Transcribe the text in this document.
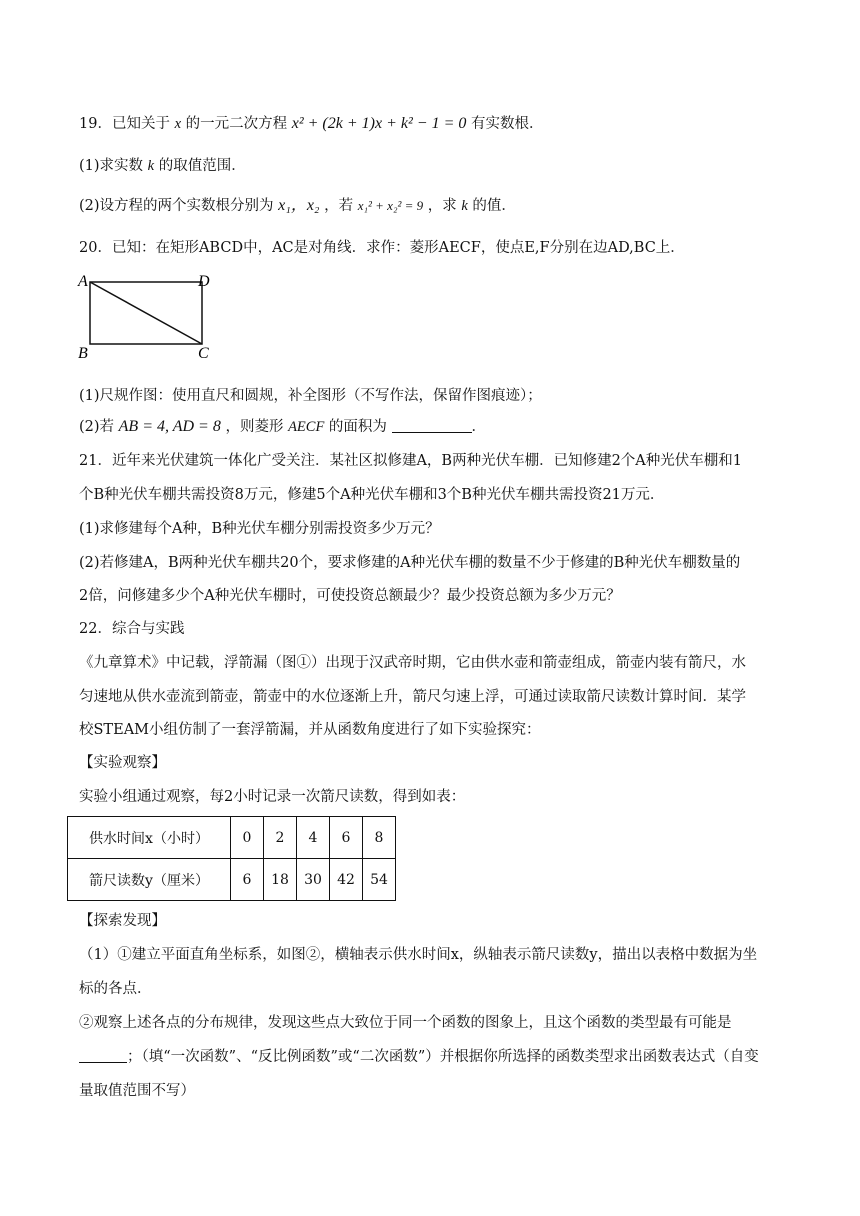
19．已知关于 x 的一元二次方程 x² + (2k + 1)x + k² − 1 = 0 有实数根．
(1)求实数 k 的取值范围．
(2)设方程的两个实数根分别为 x₁，x₂ ，若 x₁² + x₂² = 9 ，求 k 的值．
20．已知：在矩形ABCD中，AC是对角线．求作：菱形AECF，使点E,F分别在边AD,BC上．
A	D
B	C
(1)尺规作图：使用直尺和圆规，补全图形（不写作法，保留作图痕迹）；
(2)若 AB = 4, AD = 8 ，则菱形 AECF 的面积为	．
21．近年来光伏建筑一体化广受关注．某社区拟修建A，B两种光伏车棚．已知修建2个A种光伏车棚和1
个B种光伏车棚共需投资8万元，修建5个A种光伏车棚和3个B种光伏车棚共需投资21万元．
(1)求修建每个A种，B种光伏车棚分别需投资多少万元？
(2)若修建A，B两种光伏车棚共20个，要求修建的A种光伏车棚的数量不少于修建的B种光伏车棚数量的
2倍，问修建多少个A种光伏车棚时，可使投资总额最少？最少投资总额为多少万元？
22．综合与实践
《九章算术》中记载，浮箭漏（图①）出现于汉武帝时期，它由供水壶和箭壶组成，箭壶内装有箭尺，水
匀速地从供水壶流到箭壶，箭壶中的水位逐渐上升，箭尺匀速上浮，可通过读取箭尺读数计算时间．某学
校STEAM小组仿制了一套浮箭漏，并从函数角度进行了如下实验探究：
【实验观察】
实验小组通过观察，每2小时记录一次箭尺读数，得到如表：
供水时间x（小时）	0	2	4	6	8
箭尺读数y（厘米）	6	18	30	42	54
【探索发现】
（1）①建立平面直角坐标系，如图②，横轴表示供水时间x，纵轴表示箭尺读数y，描出以表格中数据为坐
标的各点．
②观察上述各点的分布规律，发现这些点大致位于同一个函数的图象上，且这个函数的类型最有可能是
；（填“一次函数”、“反比例函数”或“二次函数”）并根据你所选择的函数类型求出函数表达式（自变
量取值范围不写）
